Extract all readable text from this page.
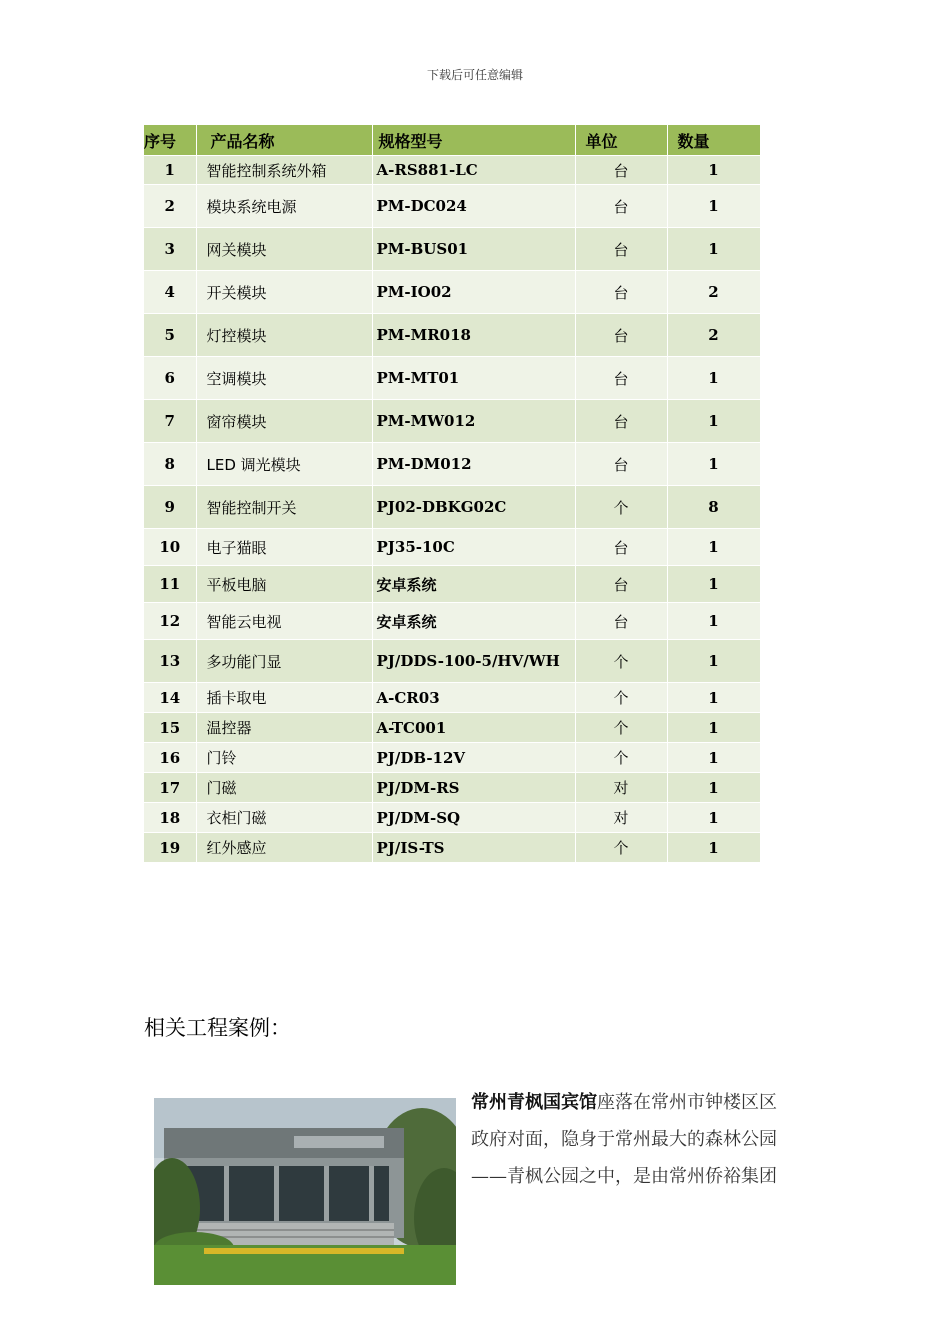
下载后可任意编辑
序号	产品名称	规格型号	单位	数量
1	智能控制系统外箱	A-RS881-LC	台	1
2	模块系统电源	PM-DC024	台	1
3	网关模块	PM-BUS01	台	1
4	开关模块	PM-IO02	台	2
5	灯控模块	PM-MR018	台	2
6	空调模块	PM-MT01	台	1
7	窗帘模块	PM-MW012	台	1
8	LED 调光模块	PM-DM012	台	1
9	智能控制开关	PJ02-DBKG02C	个	8
10	电子猫眼	PJ35-10C	台	1
11	平板电脑	安卓系统	台	1
12	智能云电视	安卓系统	台	1
13	多功能门显	PJ/DDS-100-5/HV/WH	个	1
14	插卡取电	A-CR03	个	1
15	温控器	A-TC001	个	1
16	门铃	PJ/DB-12V	个	1
17	门磁	PJ/DM-RS	对	1
18	衣柜门磁	PJ/DM-SQ	对	1
19	红外感应	PJ/IS-TS	个	1
相关工程案例：
常州青枫国宾馆座落在常州市钟楼区区
政府对面，隐身于常州最大的森林公园
——青枫公园之中，是由常州侨裕集团
